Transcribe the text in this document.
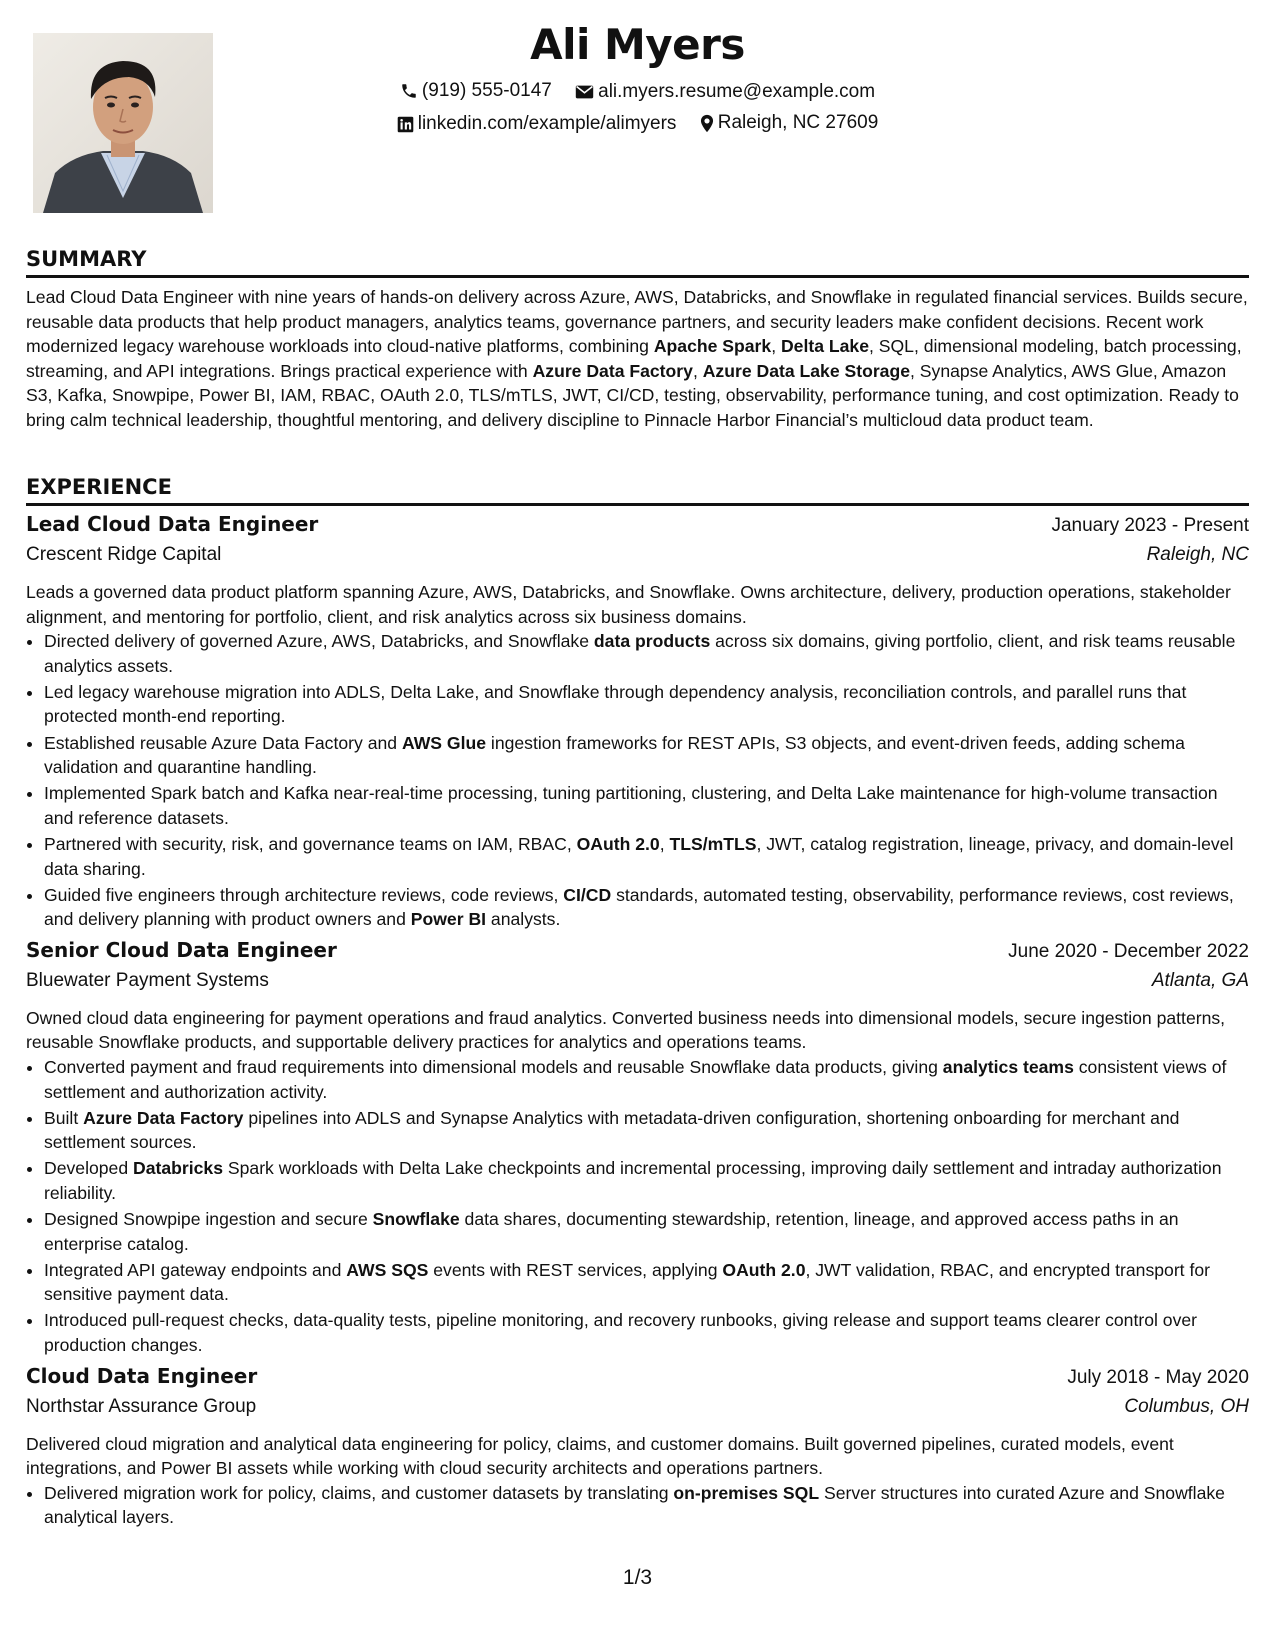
Ali Myers
(919) 555-0147
ali.myers.resume@example.com
linkedin.com/example/alimyers
Raleigh, NC 27609
SUMMARY

Lead Cloud Data Engineer with nine years of hands-on delivery across Azure, AWS, Databricks, and Snowflake in regulated financial services. Builds secure, reusable data products that help product managers, analytics teams, governance partners, and security leaders make confident decisions. Recent work modernized legacy warehouse workloads into cloud-native platforms, combining Apache Spark, Delta Lake, SQL, dimensional modeling, batch processing, streaming, and API integrations. Brings practical experience with Azure Data Factory, Azure Data Lake Storage, Synapse Analytics, AWS Glue, Amazon S3, Kafka, Snowpipe, Power BI, IAM, RBAC, OAuth 2.0, TLS/mTLS, JWT, CI/CD, testing, observability, performance tuning, and cost optimization. Ready to bring calm technical leadership, thoughtful mentoring, and delivery discipline to Pinnacle Harbor Financial’s multicloud data product team.

EXPERIENCE
Lead Cloud Data Engineer	January 2023 - Present
Crescent Ridge Capital	Raleigh, NC

Leads a governed data product platform spanning Azure, AWS, Databricks, and Snowflake. Owns architecture, delivery, production operations, stakeholder alignment, and mentoring for portfolio, client, and risk analytics across six business domains.

• Directed delivery of governed Azure, AWS, Databricks, and Snowflake data products across six domains, giving portfolio, client, and risk teams reusable analytics assets.
• Led legacy warehouse migration into ADLS, Delta Lake, and Snowflake through dependency analysis, reconciliation controls, and parallel runs that protected month-end reporting.
• Established reusable Azure Data Factory and AWS Glue ingestion frameworks for REST APIs, S3 objects, and event-driven feeds, adding schema validation and quarantine handling.
• Implemented Spark batch and Kafka near-real-time processing, tuning partitioning, clustering, and Delta Lake maintenance for high-volume transaction and reference datasets.
• Partnered with security, risk, and governance teams on IAM, RBAC, OAuth 2.0, TLS/mTLS, JWT, catalog registration, lineage, privacy, and domain-level data sharing.
• Guided five engineers through architecture reviews, code reviews, CI/CD standards, automated testing, observability, performance reviews, cost reviews, and delivery planning with product owners and Power BI analysts.
Senior Cloud Data Engineer	June 2020 - December 2022
Bluewater Payment Systems	Atlanta, GA

Owned cloud data engineering for payment operations and fraud analytics. Converted business needs into dimensional models, secure ingestion patterns, reusable Snowflake products, and supportable delivery practices for analytics and operations teams.

• Converted payment and fraud requirements into dimensional models and reusable Snowflake data products, giving analytics teams consistent views of settlement and authorization activity.
• Built Azure Data Factory pipelines into ADLS and Synapse Analytics with metadata-driven configuration, shortening onboarding for merchant and settlement sources.
• Developed Databricks Spark workloads with Delta Lake checkpoints and incremental processing, improving daily settlement and intraday authorization reliability.
• Designed Snowpipe ingestion and secure Snowflake data shares, documenting stewardship, retention, lineage, and approved access paths in an enterprise catalog.
• Integrated API gateway endpoints and AWS SQS events with REST services, applying OAuth 2.0, JWT validation, RBAC, and encrypted transport for sensitive payment data.
• Introduced pull-request checks, data-quality tests, pipeline monitoring, and recovery runbooks, giving release and support teams clearer control over production changes.
Cloud Data Engineer	July 2018 - May 2020
Northstar Assurance Group	Columbus, OH

Delivered cloud migration and analytical data engineering for policy, claims, and customer domains. Built governed pipelines, curated models, event integrations, and Power BI assets while working with cloud security architects and operations partners.

• Delivered migration work for policy, claims, and customer datasets by translating on-premises SQL Server structures into curated Azure and Snowflake analytical layers.
1/3
